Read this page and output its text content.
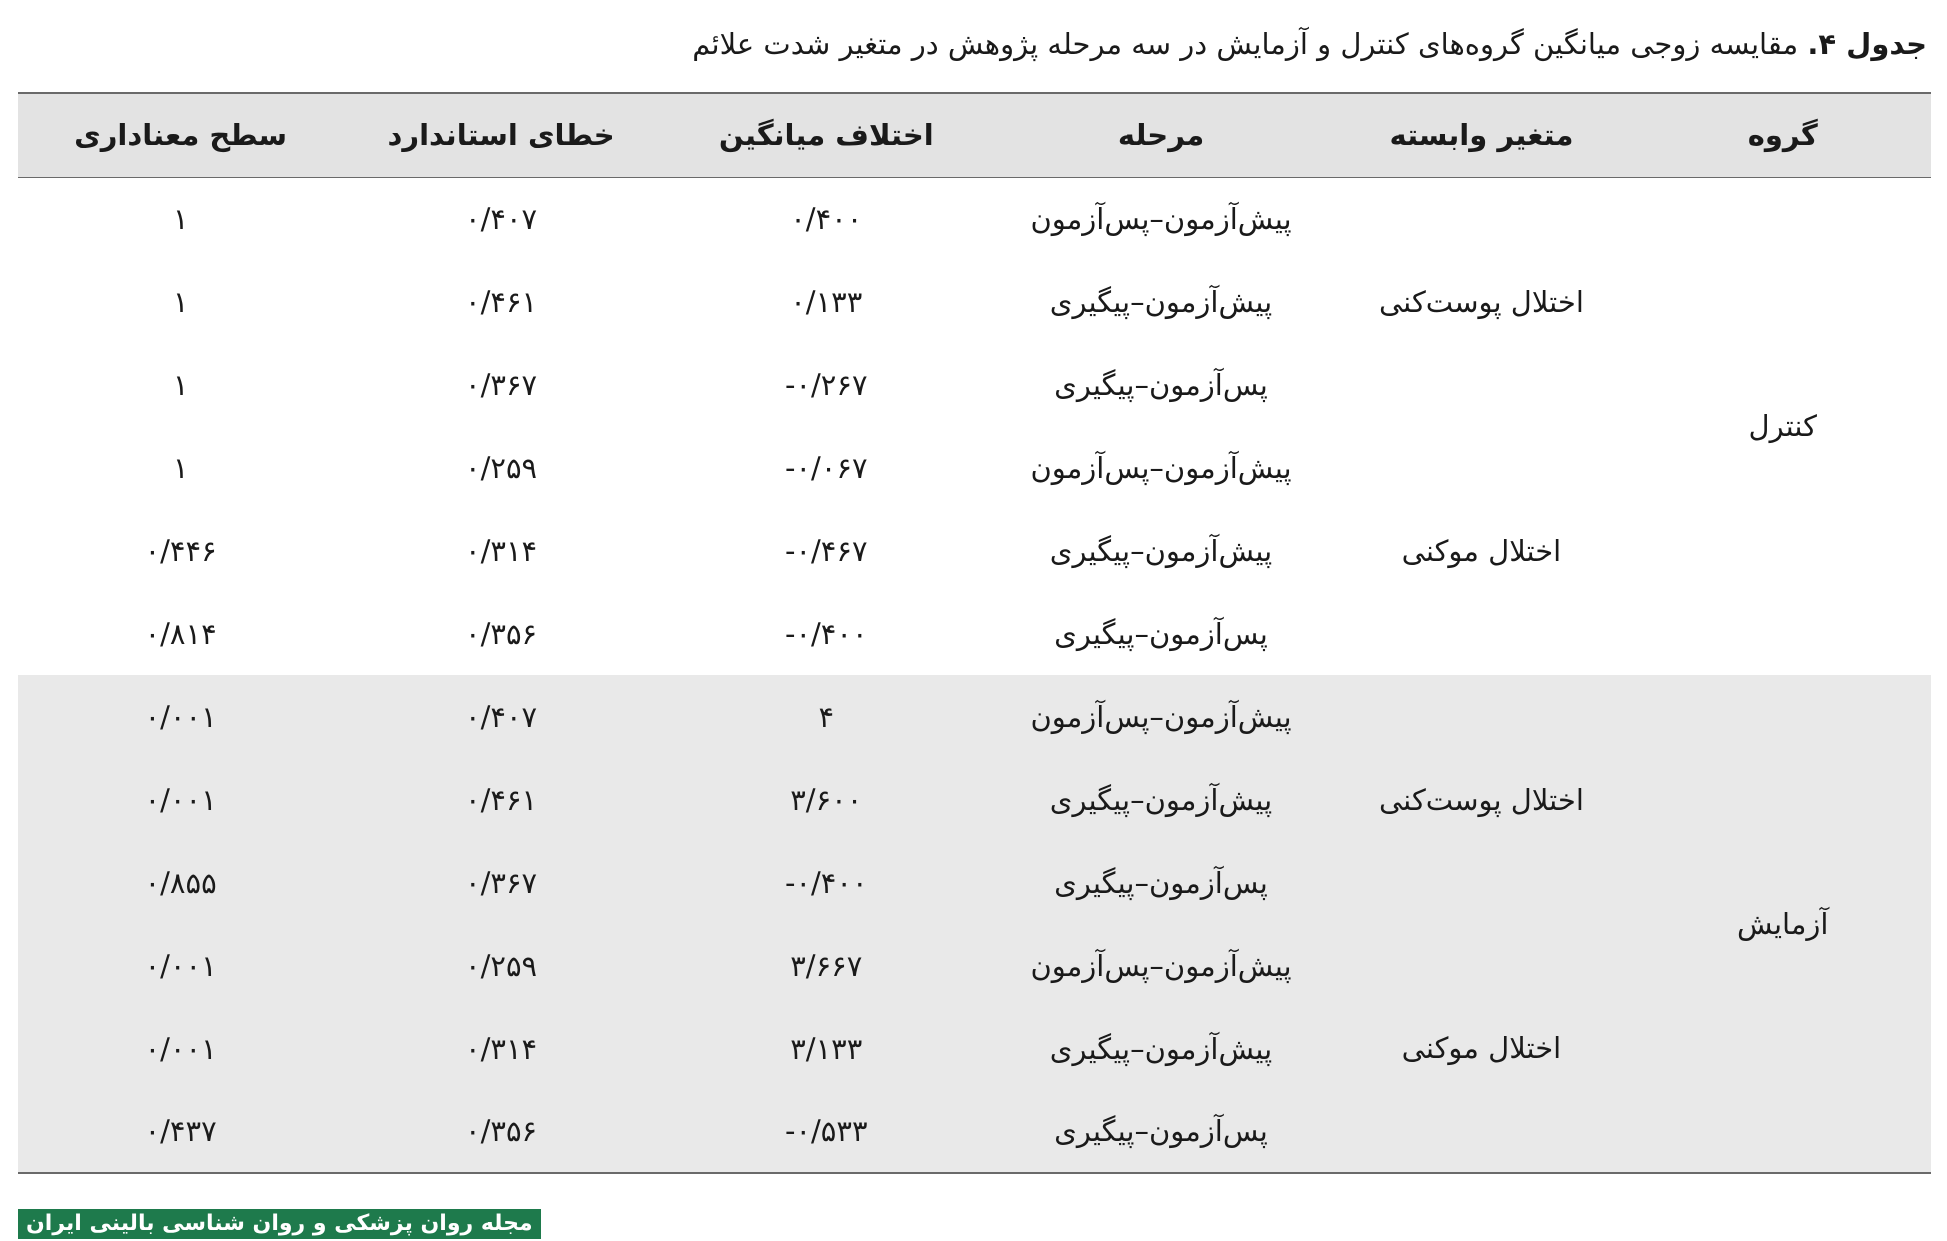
جدول ۴. مقایسه زوجی میانگین گروه‌های کنترل و آزمایش در سه مرحله پژوهش در متغیر شدت علائم
گروه	متغیر وابسته	مرحله	اختلاف میانگین	خطای استاندارد	سطح معناداری
کنترل	اختلال پوست‌کنی	پیش‌آزمون–پس‌آزمون	۰/۴۰۰	۰/۴۰۷	۱
		پیش‌آزمون–پیگیری	۰/۱۳۳	۰/۴۶۱	۱
		پس‌آزمون–پیگیری	-۰/۲۶۷	۰/۳۶۷	۱
	اختلال موکنی	پیش‌آزمون–پس‌آزمون	-۰/۰۶۷	۰/۲۵۹	۱
		پیش‌آزمون–پیگیری	-۰/۴۶۷	۰/۳۱۴	۰/۴۴۶
		پس‌آزمون–پیگیری	-۰/۴۰۰	۰/۳۵۶	۰/۸۱۴
آزمایش	اختلال پوست‌کنی	پیش‌آزمون–پس‌آزمون	۴	۰/۴۰۷	۰/۰۰۱
		پیش‌آزمون–پیگیری	۳/۶۰۰	۰/۴۶۱	۰/۰۰۱
		پس‌آزمون–پیگیری	-۰/۴۰۰	۰/۳۶۷	۰/۸۵۵
	اختلال موکنی	پیش‌آزمون–پس‌آزمون	۳/۶۶۷	۰/۲۵۹	۰/۰۰۱
		پیش‌آزمون–پیگیری	۳/۱۳۳	۰/۳۱۴	۰/۰۰۱
		پس‌آزمون–پیگیری	-۰/۵۳۳	۰/۳۵۶	۰/۴۳۷
مجله روان پزشکی و روان شناسی بالینی ایران
